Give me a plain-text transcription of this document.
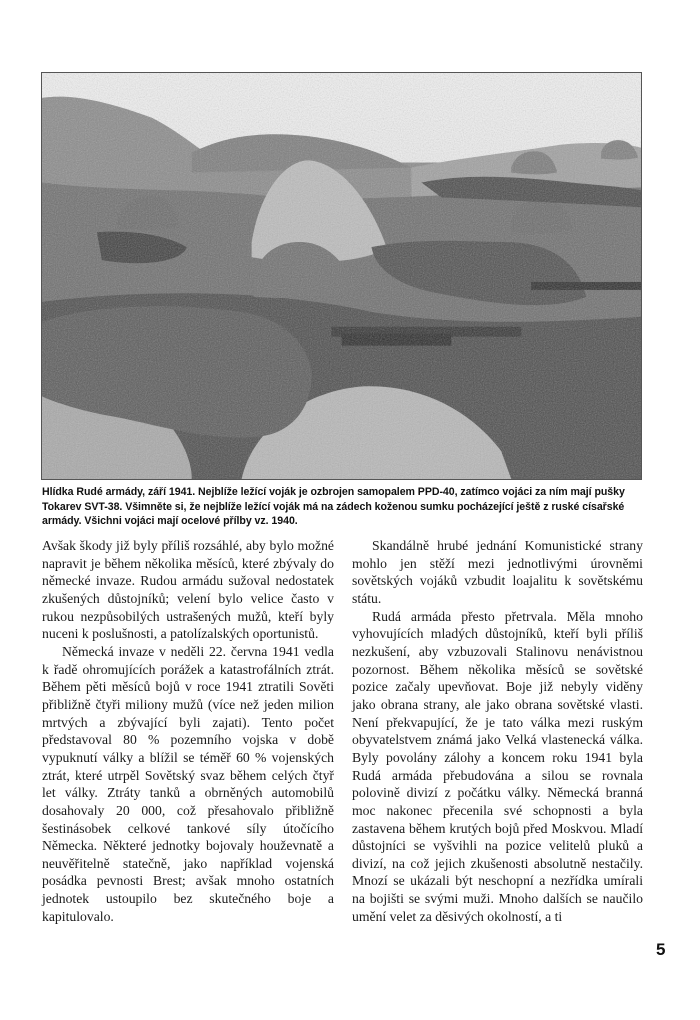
Hlídka Rudé armády, září 1941. Nejblíže ležící voják je ozbrojen samopalem PPD-40, zatímco vojáci za ním mají pušky Tokarev SVT-38. Všimněte si, že nejblíže ležící voják má na zádech koženou sumku pocházející ještě z ruské císařské armády. Všichni vojáci mají ocelové přílby vz. 1940.

Avšak škody již byly příliš rozsáhlé, aby bylo možné napravit je během několika měsíců, které zbývaly do německé invaze. Rudou armádu sužoval nedostatek zkušených důstojníků; velení bylo velice často v rukou nezpůsobilých ustrašených mužů, kteří byly nuceni k poslušnosti, a patolízalských oportunistů.

Německá invaze v neděli 22. června 1941 vedla k řadě ohromujících porážek a katastrofálních ztrát. Během pěti měsíců bojů v roce 1941 ztratili Sověti přibližně čtyři miliony mužů (více než jeden milion mrtvých a zbývající byli zajati). Tento počet představoval 80 % pozemního vojska v době vypuknutí války a blížil se téměř 60 % vojenských ztrát, které utrpěl Sovětský svaz během celých čtyř let války. Ztráty tanků a obrněných automobilů dosahovaly 20 000, což přesahovalo přibližně šestinásobek celkové tankové síly útočícího Německa. Některé jednotky bojovaly houževnatě a neuvěřitelně statečně, jako například vojenská posádka pevnosti Brest; avšak mnoho ostatních jednotek ustoupilo bez skutečného boje a kapitulovalo.

Skandálně hrubé jednání Komunistické strany mohlo jen stěží mezi jednotlivými úrovněmi sovětských vojáků vzbudit loajalitu k sovětskému státu.

Rudá armáda přesto přetrvala. Měla mnoho vyhovujících mladých důstojníků, kteří byli příliš nezkušení, aby vzbuzovali Stalinovu nenávistnou pozornost. Během několika měsíců se sovětské pozice začaly upevňovat. Boje již nebyly viděny jako obrana strany, ale jako obrana sovětské vlasti. Není překvapující, že je tato válka mezi ruským obyvatelstvem známá jako Velká vlastenecká válka. Byly povolány zálohy a koncem roku 1941 byla Rudá armáda přebudována a silou se rovnala polovině divizí z počátku války. Německá branná moc nakonec přecenila své schopnosti a byla zastavena během krutých bojů před Moskvou. Mladí důstojníci se vyšvihli na pozice velitelů pluků a divizí, na což jejich zkušenosti absolutně nestačily. Mnozí se ukázali být neschopní a nezřídka umírali na bojišti se svými muži. Mnoho dalších se naučilo umění velet za děsivých okolností, a ti

5
